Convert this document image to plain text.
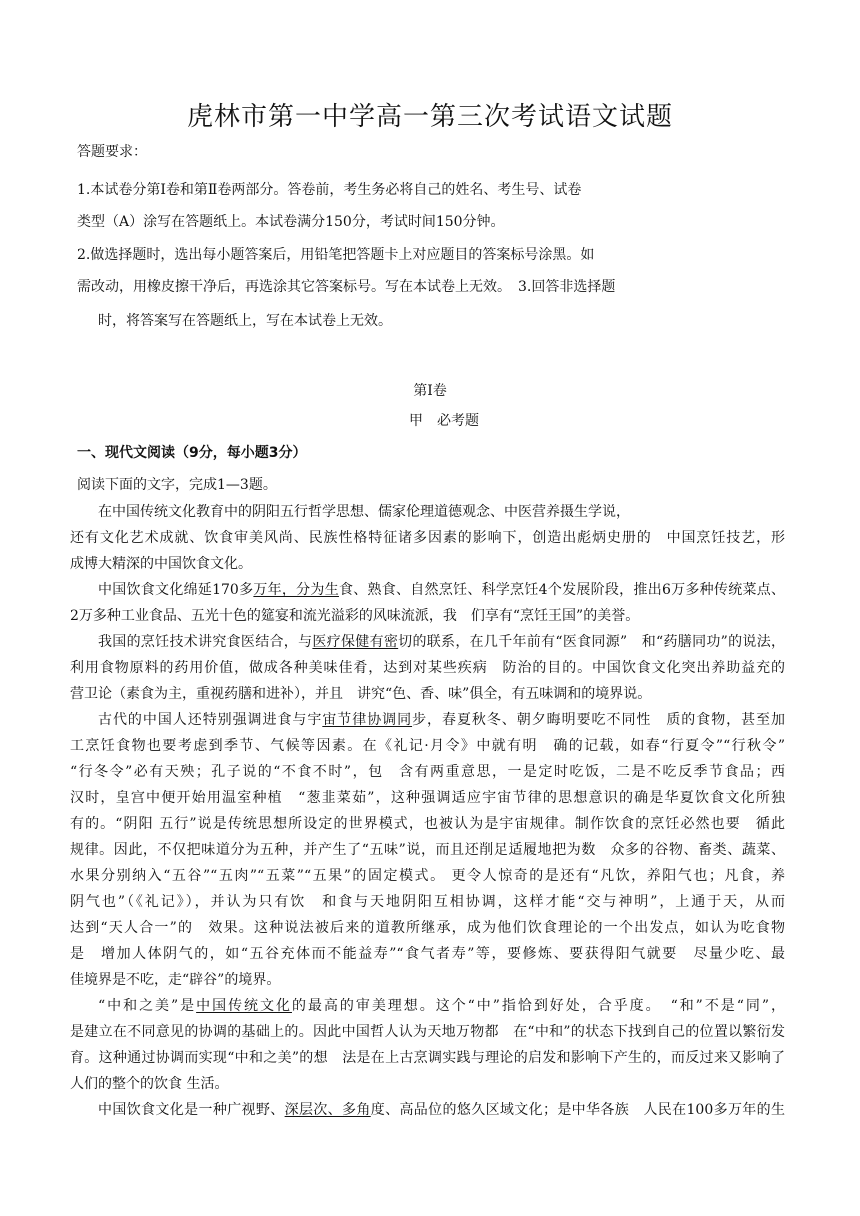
虎林市第一中学高一第三次考试语文试题
答题要求：
1.本试卷分第Ⅰ卷和第Ⅱ卷两部分。答卷前，考生务必将自己的姓名、考生号、试卷
类型（A）涂写在答题纸上。本试卷满分150分，考试时间150分钟。
2.做选择题时，选出每小题答案后，用铅笔把答题卡上对应题目的答案标号涂黑。如
需改动，用橡皮擦干净后，再选涂其它答案标号。写在本试卷上无效。　3.回答非选择题
时，将答案写在答题纸上，写在本试卷上无效。
第Ⅰ卷
甲　必考题
一、现代文阅读（9分，每小题3分）
阅读下面的文字，完成1—3题。
在中国传统文化教育中的阴阳五行哲学思想、儒家伦理道德观念、中医营养摄生学说，
还有文化艺术成就、饮食审美风尚、民族性格特征诸多因素的影响下，创造出彪炳史册的　中国烹饪技艺，形
成博大精深的中国饮食文化。
中国饮食文化绵延170多万年，分为生食、熟食、自然烹饪、科学烹饪4个发展阶段，推出6万多种传统菜点、
2万多种工业食品、五光十色的筵宴和流光溢彩的风味流派，我　们享有“烹饪王国”的美誉。
我国的烹饪技术讲究食医结合，与医疗保健有密切的联系，在几千年前有“医食同源”　和“药膳同功”的说法，
利用食物原料的药用价值，做成各种美味佳肴，达到对某些疾病　防治的目的。中国饮食文化突出养助益充的
营卫论（素食为主，重视药膳和进补），并且　讲究“色、香、味”俱全，有五味调和的境界说。
古代的中国人还特别强调进食与宇宙节律协调同步，春夏秋冬、朝夕晦明要吃不同性　质的食物，甚至加
工烹饪食物也要考虑到季节、气候等因素。在《礼记·月令》中就有明　确的记载，如春“行夏令”“行秋令”
“行冬令”必有天殃；孔子说的“不食不时”，包　含有两重意思，一是定时吃饭，二是不吃反季节食品；西
汉时，皇宫中便开始用温室种植　“葱韭菜茹”，这种强调适应宇宙节律的思想意识的确是华夏饮食文化所独
有的。“阴阳 五行”说是传统思想所设定的世界模式，也被认为是宇宙规律。制作饮食的烹饪必然也要　循此
规律。因此，不仅把味道分为五种，并产生了“五味”说，而且还削足适履地把为数　众多的谷物、畜类、蔬菜、
水果分别纳入“五谷”“五肉”“五菜”“五果”的固定模式。 更令人惊奇的是还有“凡饮，养阳气也；凡食，养
阴气也”（《礼记》），并认为只有饮　和食与天地阴阳互相协调，这样才能“交与神明”，上通于天，从而
达到“天人合一”的　效果。这种说法被后来的道教所继承，成为他们饮食理论的一个出发点，如认为吃食物
是　增加人体阴气的，如“五谷充体而不能益寿”“食气者寿”等，要修炼、要获得阳气就要　尽量少吃、最
佳境界是不吃，走“辟谷”的境界。
“中和之美”是中国传统文化的最高的审美理想。这个“中”指恰到好处，合乎度。　“和”不是“同”，
是建立在不同意见的协调的基础上的。因此中国哲人认为天地万物都　在“中和”的状态下找到自己的位置以繁衍发
育。这种通过协调而实现“中和之美”的想　法是在上古烹调实践与理论的启发和影响下产生的，而反过来又影响了
人们的整个的饮食 生活。
中国饮食文化是一种广视野、深层次、多角度、高品位的悠久区域文化；是中华各族　人民在100多万年的生
